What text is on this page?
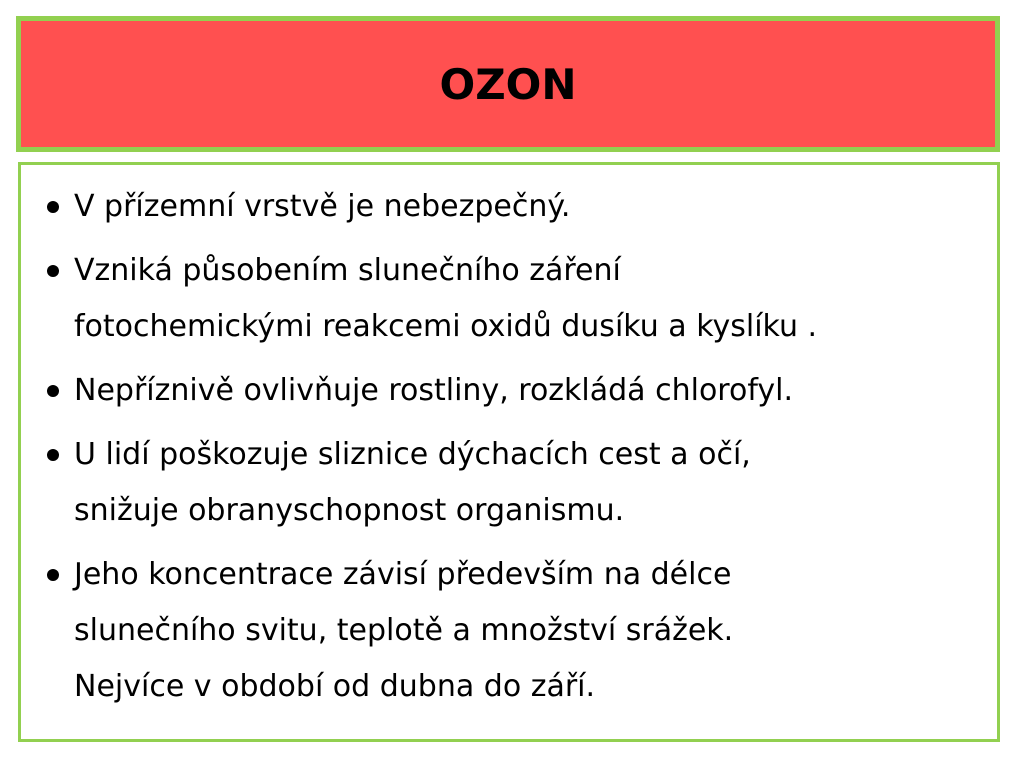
OZON
V přízemní vrstvě je nebezpečný.
Vzniká působením slunečního záření
fotochemickými reakcemi oxidů dusíku a kyslíku .
Nepříznivě ovlivňuje rostliny, rozkládá chlorofyl.
U lidí poškozuje sliznice dýchacích cest a očí,
snižuje obranyschopnost organismu.
Jeho koncentrace závisí především na délce
slunečního svitu, teplotě a množství srážek.
Nejvíce v období od dubna do září.
